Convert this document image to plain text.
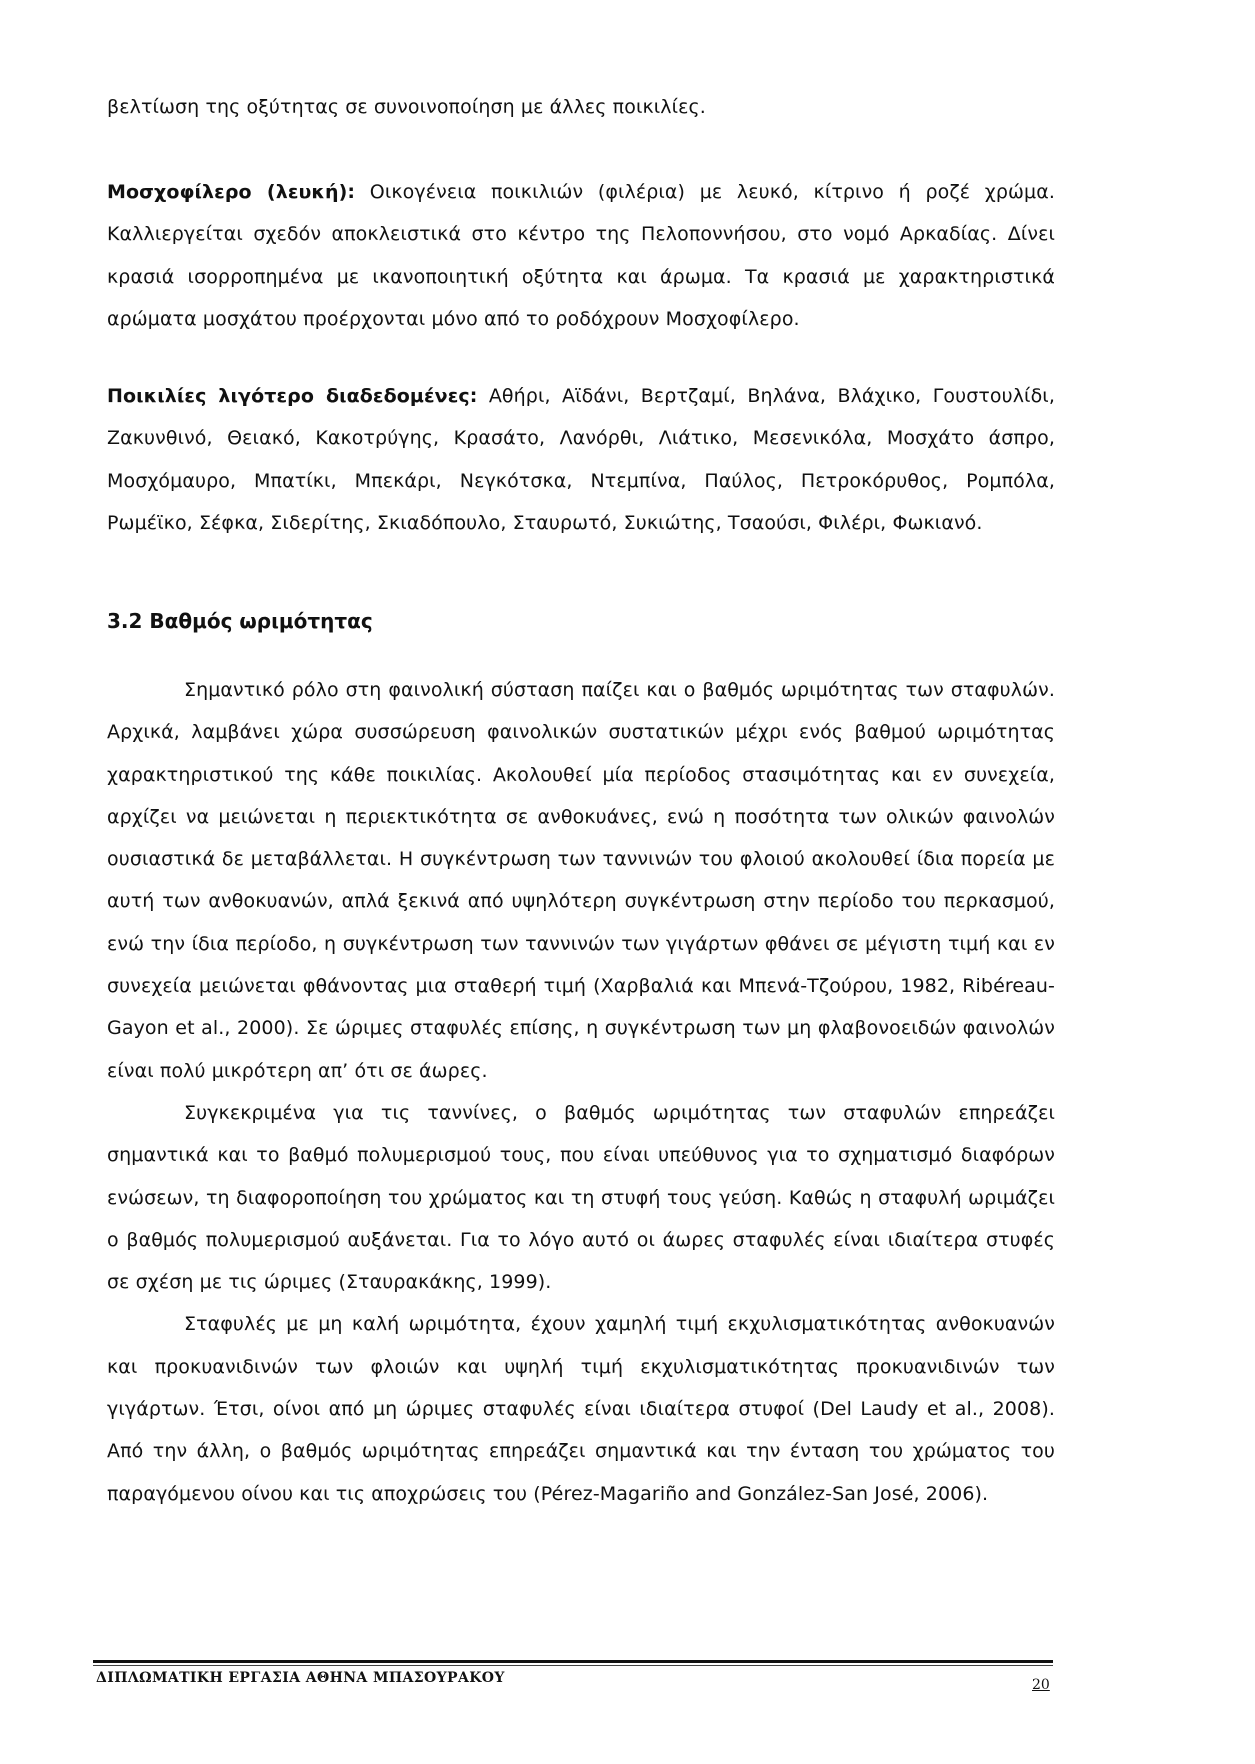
βελτίωση της οξύτητας σε συνοινοποίηση με άλλες ποικιλίες.

Μοσχοφίλερο (λευκή): Οικογένεια ποικιλιών (φιλέρια) με λευκό, κίτρινο ή ροζέ χρώμα. Καλλιεργείται σχεδόν αποκλειστικά στο κέντρο της Πελοποννήσου, στο νομό Αρκαδίας. Δίνει κρασιά ισορροπημένα με ικανοποιητική οξύτητα και άρωμα. Τα κρασιά με χαρακτηριστικά αρώματα μοσχάτου προέρχονται μόνο από το ροδόχρουν Μοσχοφίλερο.

Ποικιλίες λιγότερο διαδεδομένες: Αθήρι, Αϊδάνι, Βερτζαμί, Βηλάνα, Βλάχικο, Γουστουλίδι, Ζακυνθινό, Θειακό, Κακοτρύγης, Κρασάτο, Λανόρθι, Λιάτικο, Μεσενικόλα, Μοσχάτο άσπρο, Μοσχόμαυρο, Μπατίκι, Μπεκάρι, Νεγκότσκα, Ντεμπίνα, Παύλος, Πετροκόρυθος, Ρομπόλα, Ρωμέϊκο, Σέφκα, Σιδερίτης, Σκιαδόπουλο, Σταυρωτό, Συκιώτης, Τσαούσι, Φιλέρι, Φωκιανό.

3.2 Βαθμός ωριμότητας

Σημαντικό ρόλο στη φαινολική σύσταση παίζει και ο βαθμός ωριμότητας των σταφυλών. Αρχικά, λαμβάνει χώρα συσσώρευση φαινολικών συστατικών μέχρι ενός βαθμού ωριμότητας χαρακτηριστικού της κάθε ποικιλίας. Ακολουθεί μία περίοδος στασιμότητας και εν συνεχεία, αρχίζει να μειώνεται η περιεκτικότητα σε ανθοκυάνες, ενώ η ποσότητα των ολικών φαινολών ουσιαστικά δε μεταβάλλεται. Η συγκέντρωση των ταννινών του φλοιού ακολουθεί ίδια πορεία με αυτή των ανθοκυανών, απλά ξεκινά από υψηλότερη συγκέντρωση στην περίοδο του περκασμού, ενώ την ίδια περίοδο, η συγκέντρωση των ταννινών των γιγάρτων φθάνει σε μέγιστη τιμή και εν συνεχεία μειώνεται φθάνοντας μια σταθερή τιμή (Χαρβαλιά και Μπενά-Τζούρου, 1982, Ribéreau-Gayon et al., 2000). Σε ώριμες σταφυλές επίσης, η συγκέντρωση των μη φλαβονοειδών φαινολών είναι πολύ μικρότερη απ’ ότι σε άωρες.

Συγκεκριμένα για τις ταννίνες, ο βαθμός ωριμότητας των σταφυλών επηρεάζει σημαντικά και το βαθμό πολυμερισμού τους, που είναι υπεύθυνος για το σχηματισμό διαφόρων ενώσεων, τη διαφοροποίηση του χρώματος και τη στυφή τους γεύση. Καθώς η σταφυλή ωριμάζει ο βαθμός πολυμερισμού αυξάνεται. Για το λόγο αυτό οι άωρες σταφυλές είναι ιδιαίτερα στυφές σε σχέση με τις ώριμες (Σταυρακάκης, 1999).

Σταφυλές με μη καλή ωριμότητα, έχουν χαμηλή τιμή εκχυλισματικότητας ανθοκυανών και προκυανιδινών των φλοιών και υψηλή τιμή εκχυλισματικότητας προκυανιδινών των γιγάρτων. Έτσι, οίνοι από μη ώριμες σταφυλές είναι ιδιαίτερα στυφοί (Del Laudy et al., 2008). Από την άλλη, ο βαθμός ωριμότητας επηρεάζει σημαντικά και την ένταση του χρώματος του παραγόμενου οίνου και τις αποχρώσεις του (Pérez-Magariño and González-San José, 2006).

ΔΙΠΛΩΜΑΤΙΚΗ ΕΡΓΑΣΙΑ ΑΘΗΝΑ ΜΠΑΣΟΥΡΑΚΟΥ	20
